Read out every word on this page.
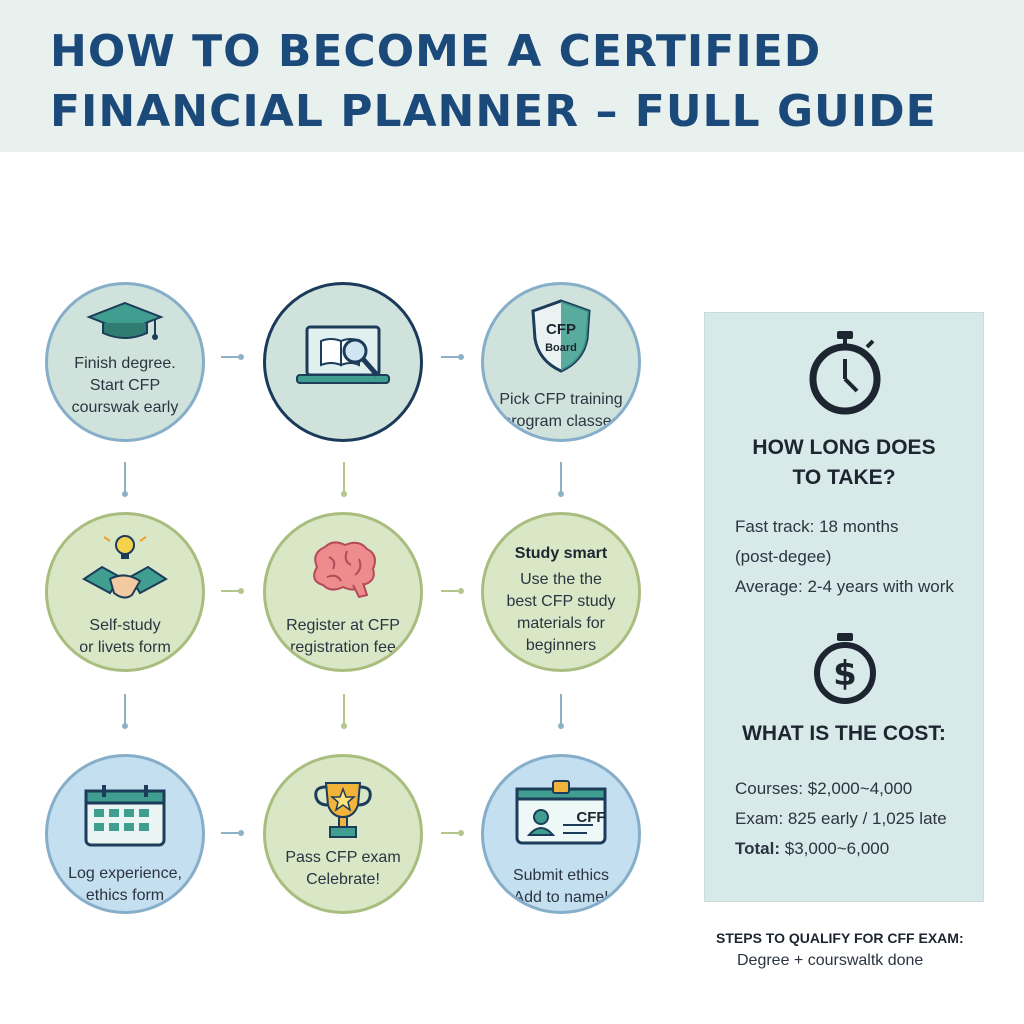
HOW TO BECOME A CERTIFIED
FINANCIAL PLANNER – FULL GUIDE
Finish degree.
Start CFP
courswak early
CFP
Board
Pick CFP training
program classes
Self-study
or livets form
Register at CFP
registration fee
Study smart
Use the the
best CFP study
materials for
beginners
Log experience,
ethics form
Pass CFP exam
Celebrate!
CFF
Submit ethics
Add to name!
HOW LONG DOES
TO TAKE?
Fast track: 18 months
(post-degee)
Average: 2-4 years with work
$
WHAT IS THE COST:
Courses: $2,000~4,000
Exam: 825 early / 1,025 late
Total: $3,000~6,000
STEPS TO QUALIFY FOR CFF EXAM:
Degree + courswaltk done
